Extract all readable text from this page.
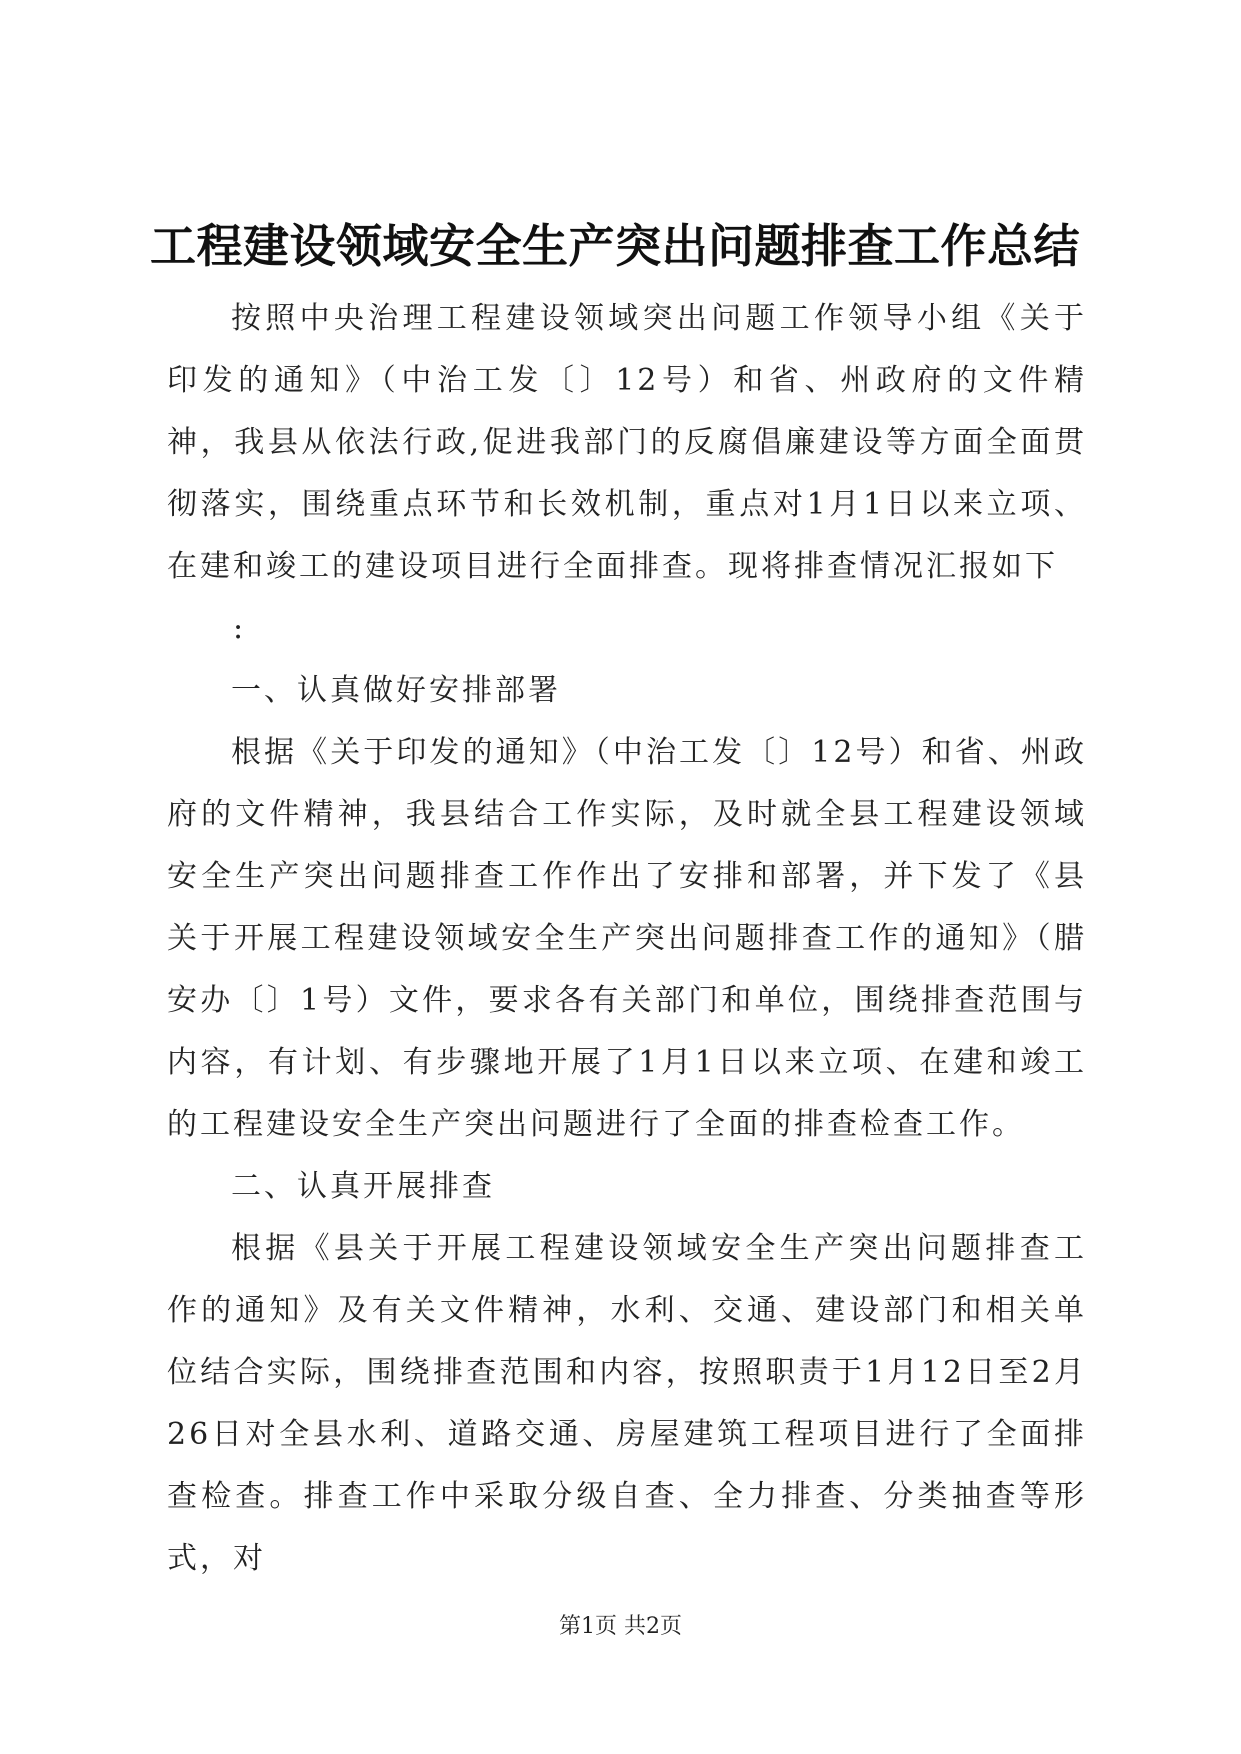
工程建设领域安全生产突出问题排查工作总结

按照中央治理工程建设领域突出问题工作领导小组《关于印发的通知》（中治工发〔〕12号）和省、州政府的文件精神，我县从依法行政,促进我部门的反腐倡廉建设等方面全面贯彻落实，围绕重点环节和长效机制，重点对1月1日以来立项、在建和竣工的建设项目进行全面排查。现将排查情况汇报如下

:

一、认真做好安排部署

根据《关于印发的通知》（中治工发〔〕12号）和省、州政府的文件精神，我县结合工作实际，及时就全县工程建设领域安全生产突出问题排查工作作出了安排和部署，并下发了《县关于开展工程建设领域安全生产突出问题排查工作的通知》（腊安办〔〕1号）文件，要求各有关部门和单位，围绕排查范围与内容，有计划、有步骤地开展了1月1日以来立项、在建和竣工的工程建设安全生产突出问题进行了全面的排查检查工作。

二、认真开展排查

根据《县关于开展工程建设领域安全生产突出问题排查工作的通知》及有关文件精神，水利、交通、建设部门和相关单位结合实际，围绕排查范围和内容，按照职责于1月12日至2月26日对全县水利、道路交通、房屋建筑工程项目进行了全面排查检查。排查工作中采取分级自查、全力排查、分类抽查等形式，对

第1页 共2页
